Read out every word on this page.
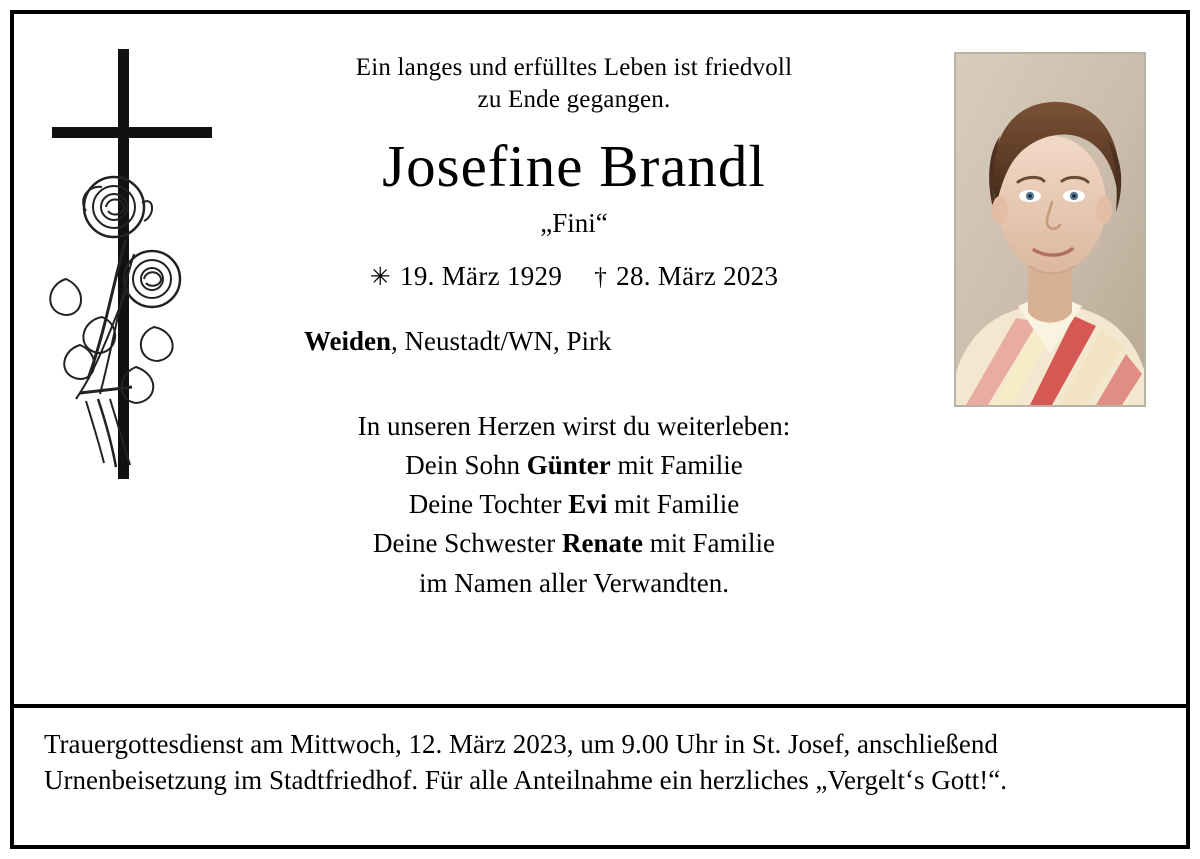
Ein langes und erfülltes Leben ist friedvoll
zu Ende gegangen.
Josefine Brandl
„Fini“
✳ 19. März 1929 † 28. März 2023
Weiden, Neustadt/WN, Pirk
In unseren Herzen wirst du weiterleben:
Dein Sohn Günter mit Familie
Deine Tochter Evi mit Familie
Deine Schwester Renate mit Familie
im Namen aller Verwandten.
Trauergottesdienst am Mittwoch, 12. März 2023, um 9.00 Uhr in St. Josef, anschließend
Urnenbeisetzung im Stadtfriedhof. Für alle Anteilnahme ein herzliches „Vergelt‘s Gott!“.
